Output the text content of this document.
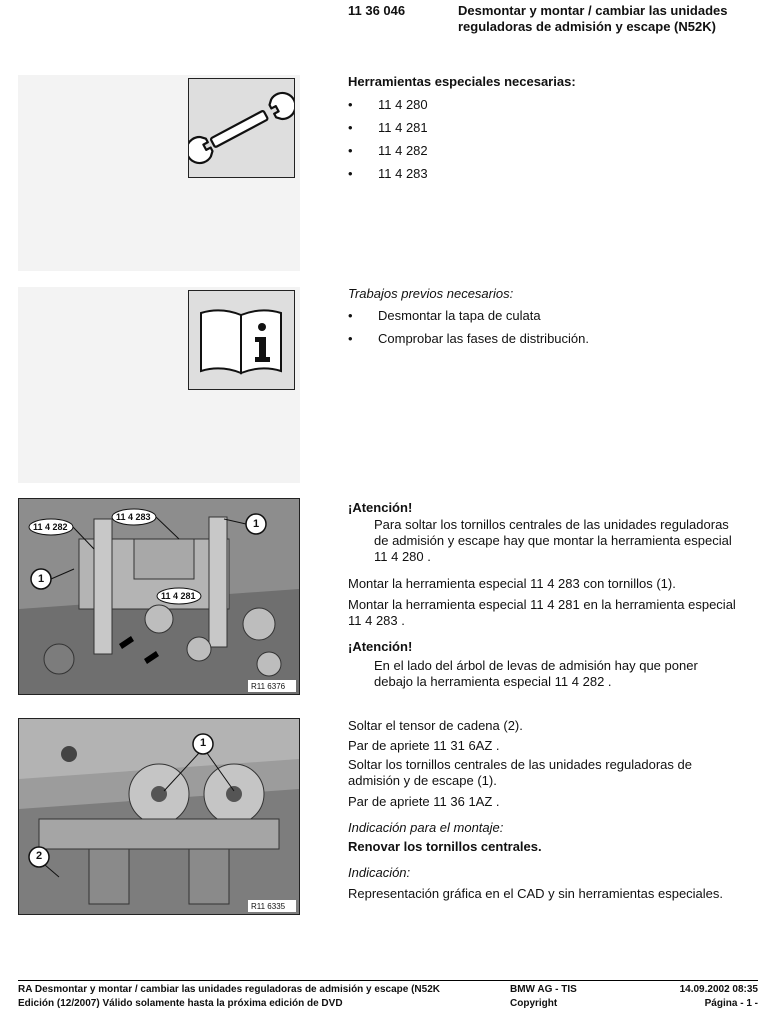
11 36 046	Desmontar y montar / cambiar las unidades reguladoras de admisión y escape (N52K)
Herramientas especiales necesarias:
• 11 4 280
• 11 4 281
• 11 4 282
• 11 4 283
Trabajos previos necesarios:
• Desmontar la tapa de culata
• Comprobar las fases de distribución.
11 4 282
11 4 283
11 4 281
1
1
R11 6376
¡Atención!
Para soltar los tornillos centrales de las unidades reguladoras de admisión y escape hay que montar la herramienta especial 11 4 280 .
Montar la herramienta especial 11 4 283 con tornillos (1).
Montar la herramienta especial 11 4 281 en la herramienta especial 11 4 283 .
¡Atención!
En el lado del árbol de levas de admisión hay que poner debajo la herramienta especial 11 4 282 .
1
2
R11 6335
Soltar el tensor de cadena (2).
Par de apriete 11 31 6AZ .
Soltar los tornillos centrales de las unidades reguladoras de admisión y de escape (1).
Par de apriete 11 36 1AZ .
Indicación para el montaje:
Renovar los tornillos centrales.
Indicación:
Representación gráfica en el CAD y sin herramientas especiales.
RA Desmontar y montar / cambiar las unidades reguladoras de admisión y escape (N52K
Edición (12/2007) Válido solamente hasta la próxima edición de DVD
BMW AG - TIS
Copyright
14.09.2002 08:35
Página - 1 -
